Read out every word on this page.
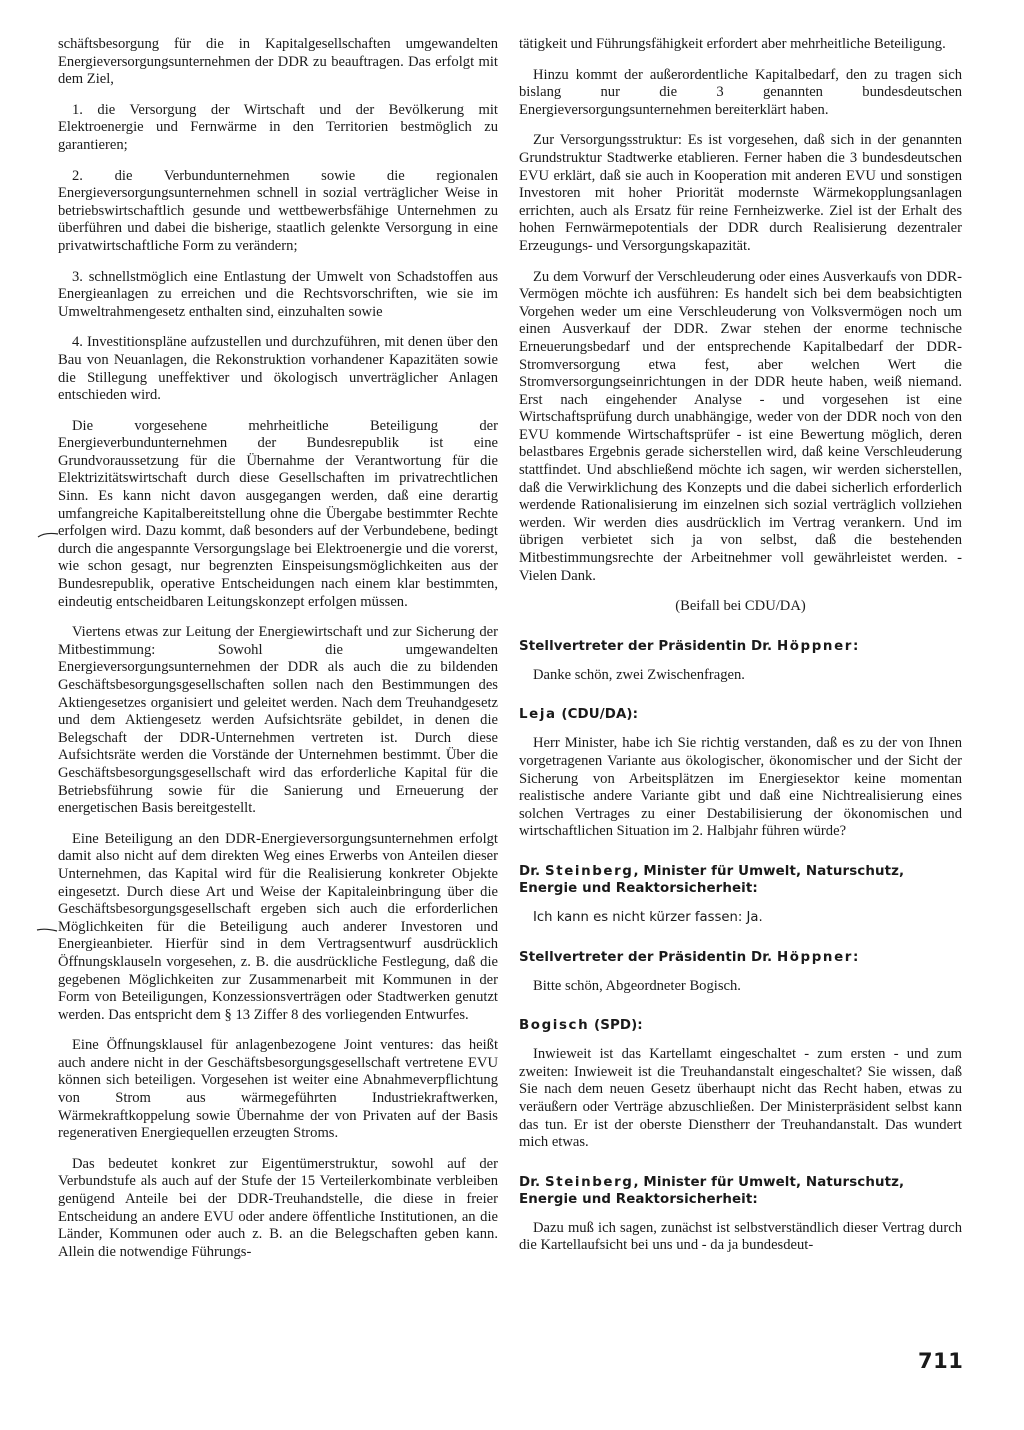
schäftsbesorgung für die in Kapitalgesellschaften umgewandelten Energieversorgungsunternehmen der DDR zu beauftragen. Das erfolgt mit dem Ziel,

1. die Versorgung der Wirtschaft und der Bevölkerung mit Elektroenergie und Fernwärme in den Territorien bestmöglich zu garantieren;

2. die Verbundunternehmen sowie die regionalen Energieversorgungsunternehmen schnell in sozial verträglicher Weise in betriebswirtschaftlich gesunde und wettbewerbsfähige Unternehmen zu überführen und dabei die bisherige, staatlich gelenkte Versorgung in eine privatwirtschaftliche Form zu verändern;

3. schnellstmöglich eine Entlastung der Umwelt von Schadstoffen aus Energieanlagen zu erreichen und die Rechtsvorschriften, wie sie im Umweltrahmengesetz enthalten sind, einzuhalten sowie

4. Investitionspläne aufzustellen und durchzuführen, mit denen über den Bau von Neuanlagen, die Rekonstruktion vorhandener Kapazitäten sowie die Stillegung uneffektiver und ökologisch unverträglicher Anlagen entschieden wird.

Die vorgesehene mehrheitliche Beteiligung der Energieverbundunternehmen der Bundesrepublik ist eine Grundvoraussetzung für die Übernahme der Verantwortung für die Elektrizitätswirtschaft durch diese Gesellschaften im privatrechtlichen Sinn. Es kann nicht davon ausgegangen werden, daß eine derartig umfangreiche Kapitalbereitstellung ohne die Übergabe bestimmter Rechte erfolgen wird. Dazu kommt, daß besonders auf der Verbundebene, bedingt durch die angespannte Versorgungslage bei Elektroenergie und die vorerst, wie schon gesagt, nur begrenzten Einspeisungsmöglichkeiten aus der Bundesrepublik, operative Entscheidungen nach einem klar bestimmten, eindeutig entscheidbaren Leitungskonzept erfolgen müssen.

Viertens etwas zur Leitung der Energiewirtschaft und zur Sicherung der Mitbestimmung: Sowohl die umgewandelten Energieversorgungsunternehmen der DDR als auch die zu bildenden Geschäftsbesorgungsgesellschaften sollen nach den Bestimmungen des Aktiengesetzes organisiert und geleitet werden. Nach dem Treuhandgesetz und dem Aktiengesetz werden Aufsichtsräte gebildet, in denen die Belegschaft der DDR-Unternehmen vertreten ist. Durch diese Aufsichtsräte werden die Vorstände der Unternehmen bestimmt. Über die Geschäftsbesorgungsgesellschaft wird das erforderliche Kapital für die Betriebsführung sowie für die Sanierung und Erneuerung der energetischen Basis bereitgestellt.

Eine Beteiligung an den DDR-Energieversorgungsunternehmen erfolgt damit also nicht auf dem direkten Weg eines Erwerbs von Anteilen dieser Unternehmen, das Kapital wird für die Realisierung konkreter Objekte eingesetzt. Durch diese Art und Weise der Kapitaleinbringung über die Geschäftsbesorgungsgesellschaft ergeben sich auch die erforderlichen Möglichkeiten für die Beteiligung auch anderer Investoren und Energieanbieter. Hierfür sind in dem Vertragsentwurf ausdrücklich Öffnungsklauseln vorgesehen, z. B. die ausdrückliche Festlegung, daß die gegebenen Möglichkeiten zur Zusammenarbeit mit Kommunen in der Form von Beteiligungen, Konzessionsverträgen oder Stadtwerken genutzt werden. Das entspricht dem § 13 Ziffer 8 des vorliegenden Entwurfes.

Eine Öffnungsklausel für anlagenbezogene Joint ventures: das heißt auch andere nicht in der Geschäftsbesorgungsgesellschaft vertretene EVU können sich beteiligen. Vorgesehen ist weiter eine Abnahmeverpflichtung von Strom aus wärmegeführten Industriekraftwerken, Wärmekraftkoppelung sowie Übernahme der von Privaten auf der Basis regenerativen Energiequellen erzeugten Stroms.

Das bedeutet konkret zur Eigentümerstruktur, sowohl auf der Verbundstufe als auch auf der Stufe der 15 Verteilerkombinate verbleiben genügend Anteile bei der DDR-Treuhandstelle, die diese in freier Entscheidung an andere EVU oder andere öffentliche Institutionen, an die Länder, Kommunen oder auch z. B. an die Belegschaften geben kann. Allein die notwendige Führungs-

tätigkeit und Führungsfähigkeit erfordert aber mehrheitliche Beteiligung.

Hinzu kommt der außerordentliche Kapitalbedarf, den zu tragen sich bislang nur die 3 genannten bundesdeutschen Energieversorgungsunternehmen bereiterklärt haben.

Zur Versorgungsstruktur: Es ist vorgesehen, daß sich in der genannten Grundstruktur Stadtwerke etablieren. Ferner haben die 3 bundesdeutschen EVU erklärt, daß sie auch in Kooperation mit anderen EVU und sonstigen Investoren mit hoher Priorität modernste Wärmekopplungsanlagen errichten, auch als Ersatz für reine Fernheizwerke. Ziel ist der Erhalt des hohen Fernwärmepotentials der DDR durch Realisierung dezentraler Erzeugungs- und Versorgungskapazität.

Zu dem Vorwurf der Verschleuderung oder eines Ausverkaufs von DDR-Vermögen möchte ich ausführen: Es handelt sich bei dem beabsichtigten Vorgehen weder um eine Verschleuderung von Volksvermögen noch um einen Ausverkauf der DDR. Zwar stehen der enorme technische Erneuerungsbedarf und der entsprechende Kapitalbedarf der DDR-Stromversorgung etwa fest, aber welchen Wert die Stromversorgungseinrichtungen in der DDR heute haben, weiß niemand. Erst nach eingehender Analyse - und vorgesehen ist eine Wirtschaftsprüfung durch unabhängige, weder von der DDR noch von den EVU kommende Wirtschaftsprüfer - ist eine Bewertung möglich, deren belastbares Ergebnis gerade sicherstellen wird, daß keine Verschleuderung stattfindet. Und abschließend möchte ich sagen, wir werden sicherstellen, daß die Verwirklichung des Konzepts und die dabei sicherlich erforderlich werdende Rationalisierung im einzelnen sich sozial verträglich vollziehen werden. Wir werden dies ausdrücklich im Vertrag verankern. Und im übrigen verbietet sich ja von selbst, daß die bestehenden Mitbestimmungsrechte der Arbeitnehmer voll gewährleistet werden. - Vielen Dank.

(Beifall bei CDU/DA)

Stellvertreter der Präsidentin Dr. Höppner:

Danke schön, zwei Zwischenfragen.

Leja (CDU/DA):

Herr Minister, habe ich Sie richtig verstanden, daß es zu der von Ihnen vorgetragenen Variante aus ökologischer, ökonomischer und der Sicht der Sicherung von Arbeitsplätzen im Energiesektor keine momentan realistische andere Variante gibt und daß eine Nichtrealisierung eines solchen Vertrages zu einer Destabilisierung der ökonomischen und wirtschaftlichen Situation im 2. Halbjahr führen würde?

Dr. Steinberg, Minister für Umwelt, Naturschutz, Energie und Reaktorsicherheit:

Ich kann es nicht kürzer fassen: Ja.

Stellvertreter der Präsidentin Dr. Höppner:

Bitte schön, Abgeordneter Bogisch.

Bogisch (SPD):

Inwieweit ist das Kartellamt eingeschaltet - zum ersten - und zum zweiten: Inwieweit ist die Treuhandanstalt eingeschaltet? Sie wissen, daß Sie nach dem neuen Gesetz überhaupt nicht das Recht haben, etwas zu veräußern oder Verträge abzuschließen. Der Ministerpräsident selbst kann das tun. Er ist der oberste Dienstherr der Treuhandanstalt. Das wundert mich etwas.

Dr. Steinberg, Minister für Umwelt, Naturschutz, Energie und Reaktorsicherheit:

Dazu muß ich sagen, zunächst ist selbstverständlich dieser Vertrag durch die Kartellaufsicht bei uns und - da ja bundesdeut-

711
